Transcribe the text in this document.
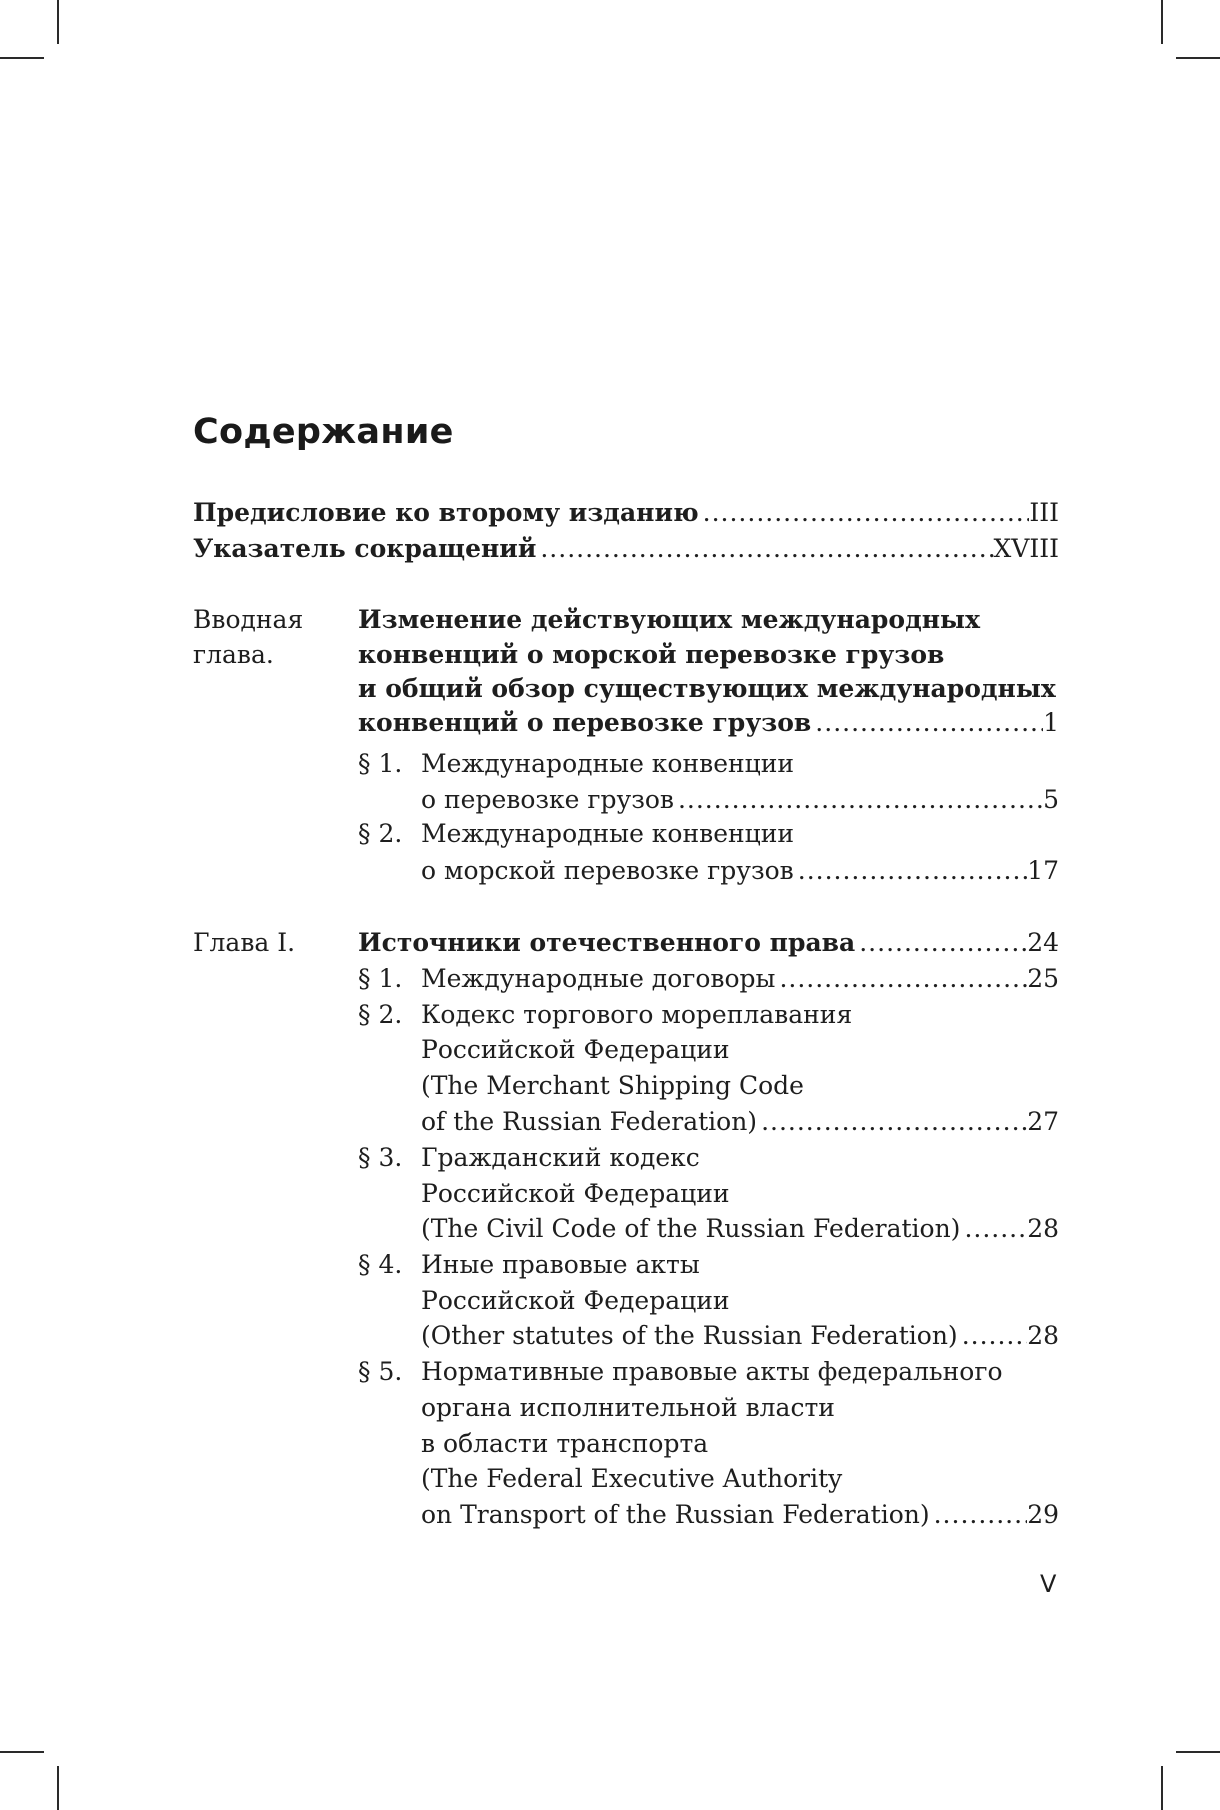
Содержание
Предисловие ко второму изданию .....	III
Указатель сокращений .....	XVIII
Вводная
глава.
Изменение действующих международных
конвенций о морской перевозке грузов
и общий обзор существующих международных
конвенций о перевозке грузов .....	1
§ 1. Международные конвенции
о перевозке грузов .....	5
§ 2. Международные конвенции
о морской перевозке грузов .....	17
Глава I.	Источники отечественного права .....	24
§ 1. Международные договоры .....	25
§ 2. Кодекс торгового мореплавания
Российской Федерации
(The Merchant Shipping Code
of the Russian Federation) .....	27
§ 3. Гражданский кодекс
Российской Федерации
(The Civil Code of the Russian Federation) .....	28
§ 4. Иные правовые акты
Российской Федерации
(Other statutes of the Russian Federation) .....	28
§ 5. Нормативные правовые акты федерального
органа исполнительной власти
в области транспорта
(The Federal Executive Authority
on Transport of the Russian Federation) .....	29
V
